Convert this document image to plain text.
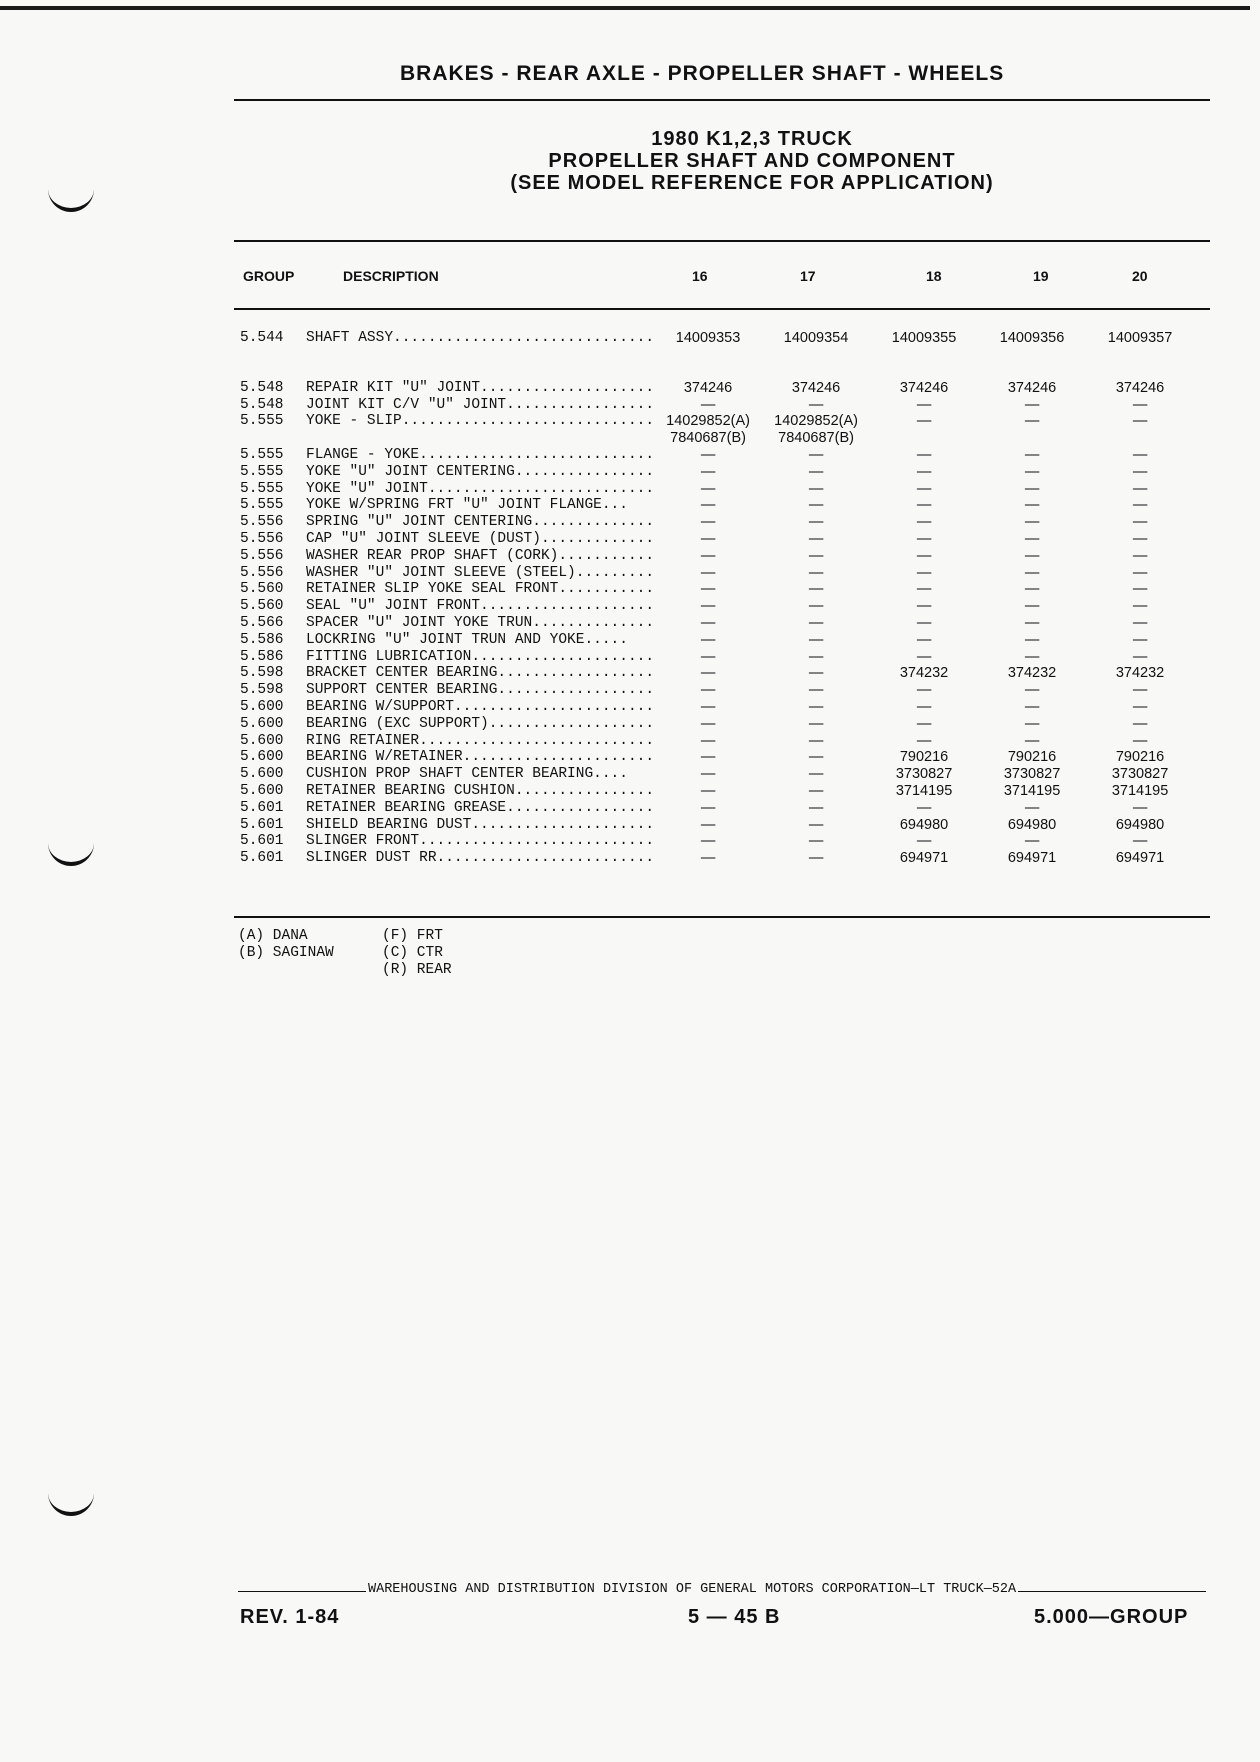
BRAKES - REAR AXLE - PROPELLER SHAFT - WHEELS
1980 K1,2,3 TRUCK
PROPELLER SHAFT AND COMPONENT
(SEE MODEL REFERENCE FOR APPLICATION)
GROUP	DESCRIPTION	16	17	18	19	20
5.544	SHAFT ASSY..............................	14009353	14009354	14009355	14009356	14009357

5.548	REPAIR KIT "U" JOINT....................	374246	374246	374246	374246	374246
5.548	JOINT KIT C/V "U" JOINT.................	—	—	—	—	—
5.555	YOKE - SLIP.............................	14029852(A)	14029852(A)	—	—	—
		7840687(B)	7840687(B)			
5.555	FLANGE - YOKE...........................	—	—	—	—	—
5.555	YOKE "U" JOINT CENTERING................	—	—	—	—	—
5.555	YOKE "U" JOINT..........................	—	—	—	—	—
5.555	YOKE W/SPRING FRT "U" JOINT FLANGE...	—	—	—	—	—
5.556	SPRING "U" JOINT CENTERING..............	—	—	—	—	—
5.556	CAP "U" JOINT SLEEVE (DUST).............	—	—	—	—	—
5.556	WASHER REAR PROP SHAFT (CORK)...........	—	—	—	—	—
5.556	WASHER "U" JOINT SLEEVE (STEEL).........	—	—	—	—	—
5.560	RETAINER SLIP YOKE SEAL FRONT...........	—	—	—	—	—
5.560	SEAL "U" JOINT FRONT....................	—	—	—	—	—
5.566	SPACER "U" JOINT YOKE TRUN..............	—	—	—	—	—
5.586	LOCKRING "U" JOINT TRUN AND YOKE.....	—	—	—	—	—
5.586	FITTING LUBRICATION.....................	—	—	—	—	—
5.598	BRACKET CENTER BEARING..................	—	—	374232	374232	374232
5.598	SUPPORT CENTER BEARING..................	—	—	—	—	—
5.600	BEARING W/SUPPORT.......................	—	—	—	—	—
5.600	BEARING (EXC SUPPORT)...................	—	—	—	—	—
5.600	RING RETAINER...........................	—	—	—	—	—
5.600	BEARING W/RETAINER......................	—	—	790216	790216	790216
5.600	CUSHION PROP SHAFT CENTER BEARING....	—	—	3730827	3730827	3730827
5.600	RETAINER BEARING CUSHION................	—	—	3714195	3714195	3714195
5.601	RETAINER BEARING GREASE.................	—	—	—	—	—
5.601	SHIELD BEARING DUST.....................	—	—	694980	694980	694980
5.601	SLINGER FRONT...........................	—	—	—	—	—
5.601	SLINGER DUST RR.........................	—	—	694971	694971	694971
(A) DANA
(B) SAGINAW
(F) FRT
(C) CTR
(R) REAR
WAREHOUSING AND DISTRIBUTION DIVISION OF GENERAL MOTORS CORPORATION—LT TRUCK—52A
REV. 1-84	5 — 45 B	5.000—GROUP
